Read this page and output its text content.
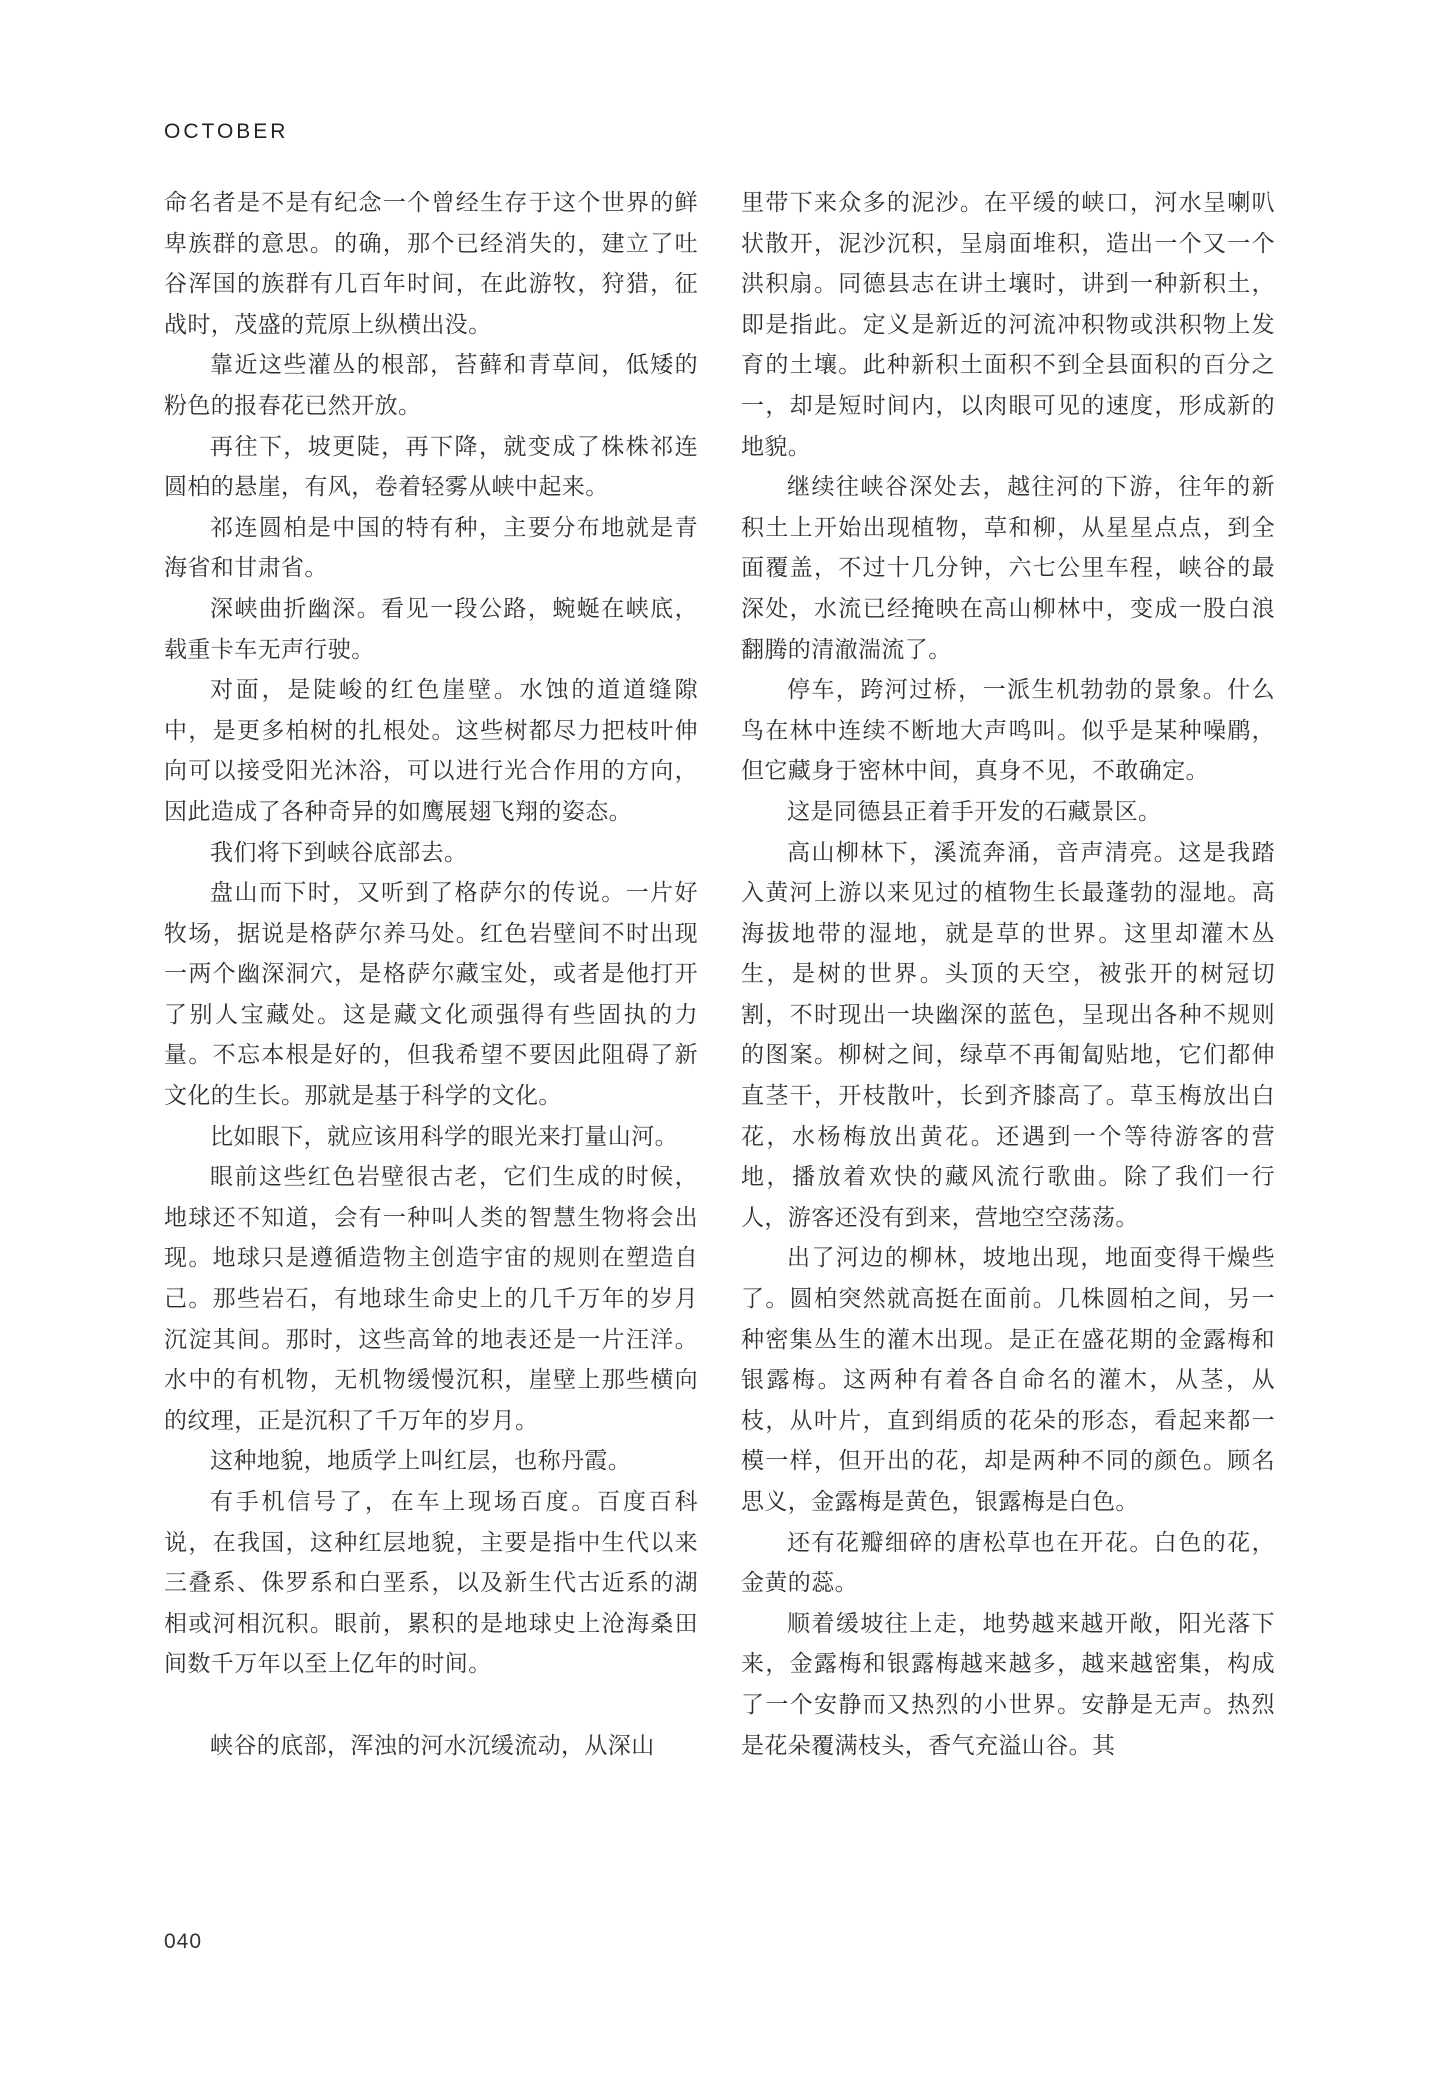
OCTOBER

命名者是不是有纪念一个曾经生存于这个世界的鲜卑族群的意思。的确，那个已经消失的，建立了吐谷浑国的族群有几百年时间，在此游牧，狩猎，征战时，茂盛的荒原上纵横出没。

靠近这些灌丛的根部，苔藓和青草间，低矮的粉色的报春花已然开放。

再往下，坡更陡，再下降，就变成了株株祁连圆柏的悬崖，有风，卷着轻雾从峡中起来。

祁连圆柏是中国的特有种，主要分布地就是青海省和甘肃省。

深峡曲折幽深。看见一段公路，蜿蜒在峡底，载重卡车无声行驶。

对面，是陡峻的红色崖壁。水蚀的道道缝隙中，是更多柏树的扎根处。这些树都尽力把枝叶伸向可以接受阳光沐浴，可以进行光合作用的方向，因此造成了各种奇异的如鹰展翅飞翔的姿态。

我们将下到峡谷底部去。

盘山而下时，又听到了格萨尔的传说。一片好牧场，据说是格萨尔养马处。红色岩壁间不时出现一两个幽深洞穴，是格萨尔藏宝处，或者是他打开了别人宝藏处。这是藏文化顽强得有些固执的力量。不忘本根是好的，但我希望不要因此阻碍了新文化的生长。那就是基于科学的文化。

比如眼下，就应该用科学的眼光来打量山河。

眼前这些红色岩壁很古老，它们生成的时候，地球还不知道，会有一种叫人类的智慧生物将会出现。地球只是遵循造物主创造宇宙的规则在塑造自己。那些岩石，有地球生命史上的几千万年的岁月沉淀其间。那时，这些高耸的地表还是一片汪洋。水中的有机物，无机物缓慢沉积，崖壁上那些横向的纹理，正是沉积了千万年的岁月。

这种地貌，地质学上叫红层，也称丹霞。

有手机信号了，在车上现场百度。百度百科说，在我国，这种红层地貌，主要是指中生代以来三叠系、侏罗系和白垩系，以及新生代古近系的湖相或河相沉积。眼前，累积的是地球史上沧海桑田间数千万年以至上亿年的时间。

峡谷的底部，浑浊的河水沉缓流动，从深山

里带下来众多的泥沙。在平缓的峡口，河水呈喇叭状散开，泥沙沉积，呈扇面堆积，造出一个又一个洪积扇。同德县志在讲土壤时，讲到一种新积土，即是指此。定义是新近的河流冲积物或洪积物上发育的土壤。此种新积土面积不到全县面积的百分之一，却是短时间内，以肉眼可见的速度，形成新的地貌。

继续往峡谷深处去，越往河的下游，往年的新积土上开始出现植物，草和柳，从星星点点，到全面覆盖，不过十几分钟，六七公里车程，峡谷的最深处，水流已经掩映在高山柳林中，变成一股白浪翻腾的清澈湍流了。

停车，跨河过桥，一派生机勃勃的景象。什么鸟在林中连续不断地大声鸣叫。似乎是某种噪鹛，但它藏身于密林中间，真身不见，不敢确定。

这是同德县正着手开发的石藏景区。

高山柳林下，溪流奔涌，音声清亮。这是我踏入黄河上游以来见过的植物生长最蓬勃的湿地。高海拔地带的湿地，就是草的世界。这里却灌木丛生，是树的世界。头顶的天空，被张开的树冠切割，不时现出一块幽深的蓝色，呈现出各种不规则的图案。柳树之间，绿草不再匍匐贴地，它们都伸直茎干，开枝散叶，长到齐膝高了。草玉梅放出白花，水杨梅放出黄花。还遇到一个等待游客的营地，播放着欢快的藏风流行歌曲。除了我们一行人，游客还没有到来，营地空空荡荡。

出了河边的柳林，坡地出现，地面变得干燥些了。圆柏突然就高挺在面前。几株圆柏之间，另一种密集丛生的灌木出现。是正在盛花期的金露梅和银露梅。这两种有着各自命名的灌木，从茎，从枝，从叶片，直到绢质的花朵的形态，看起来都一模一样，但开出的花，却是两种不同的颜色。顾名思义，金露梅是黄色，银露梅是白色。

还有花瓣细碎的唐松草也在开花。白色的花，金黄的蕊。

顺着缓坡往上走，地势越来越开敞，阳光落下来，金露梅和银露梅越来越多，越来越密集，构成了一个安静而又热烈的小世界。安静是无声。热烈是花朵覆满枝头，香气充溢山谷。其

040
